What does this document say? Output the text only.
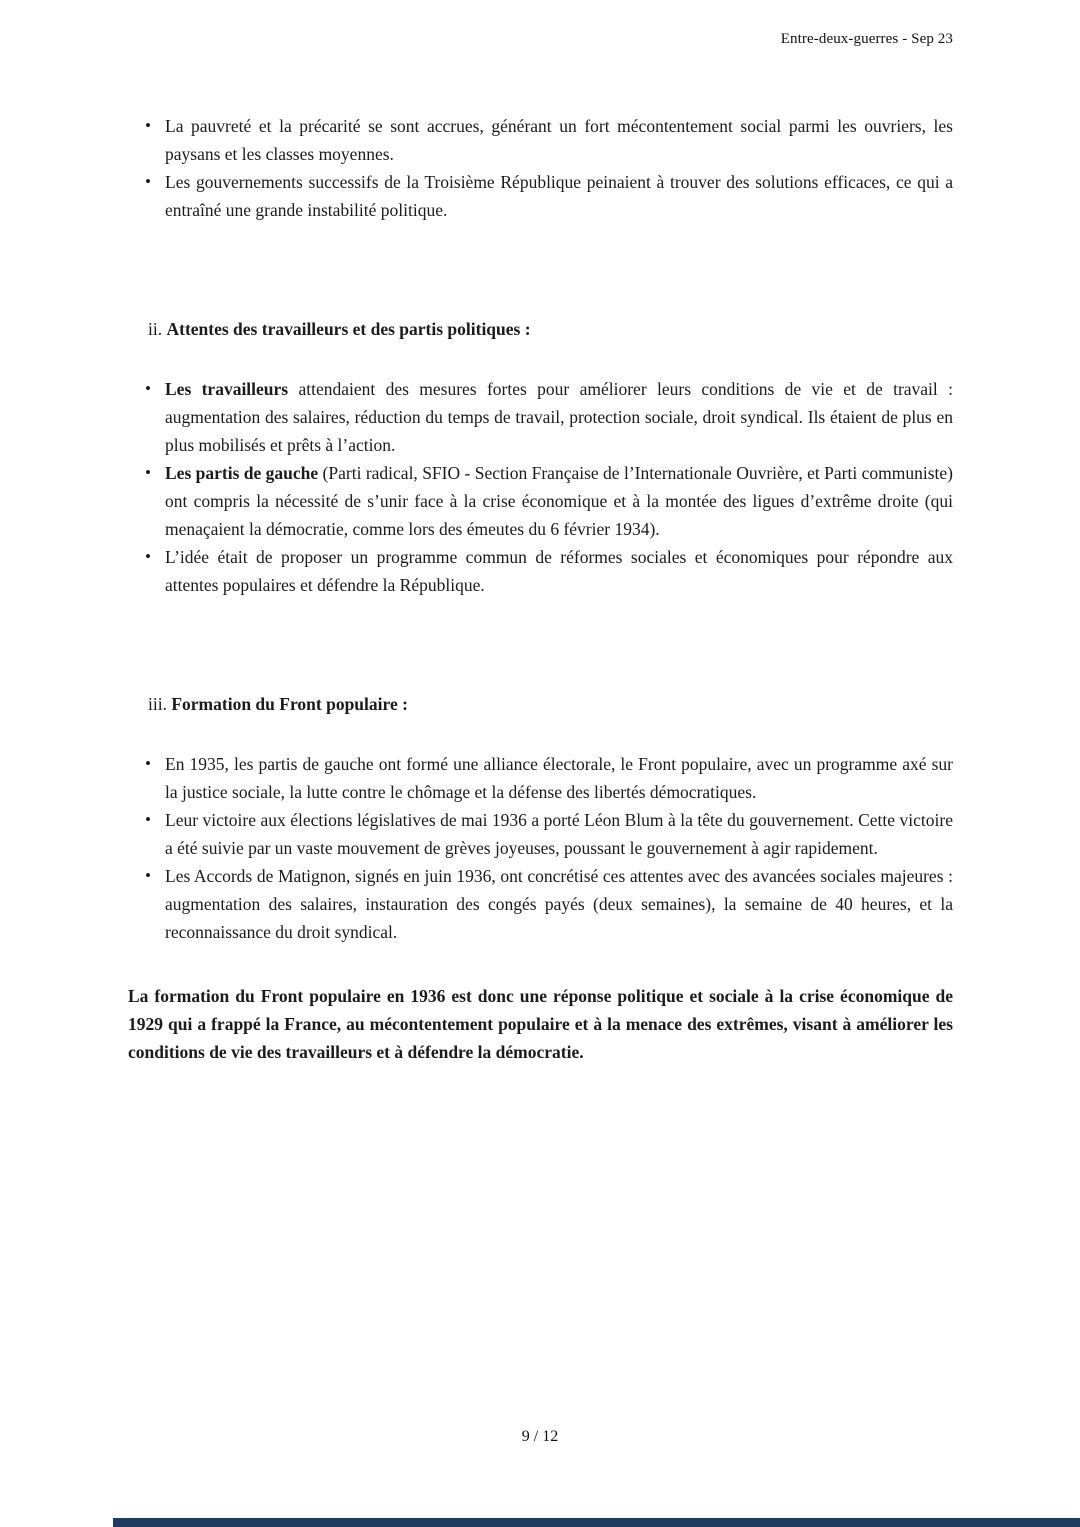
Entre-deux-guerres - Sep 23
• La pauvreté et la précarité se sont accrues, générant un fort mécontentement social parmi les ouvriers, les paysans et les classes moyennes.
• Les gouvernements successifs de la Troisième République peinaient à trouver des solutions efficaces, ce qui a entraîné une grande instabilité politique.
ii. Attentes des travailleurs et des partis politiques :
• Les travailleurs attendaient des mesures fortes pour améliorer leurs conditions de vie et de travail : augmentation des salaires, réduction du temps de travail, protection sociale, droit syndical. Ils étaient de plus en plus mobilisés et prêts à l’action.
• Les partis de gauche (Parti radical, SFIO - Section Française de l’Internationale Ouvrière, et Parti communiste) ont compris la nécessité de s’unir face à la crise économique et à la montée des ligues d’extrême droite (qui menaçaient la démocratie, comme lors des émeutes du 6 février 1934).
• L’idée était de proposer un programme commun de réformes sociales et économiques pour répondre aux attentes populaires et défendre la République.
iii. Formation du Front populaire :
• En 1935, les partis de gauche ont formé une alliance électorale, le Front populaire, avec un programme axé sur la justice sociale, la lutte contre le chômage et la défense des libertés démocratiques.
• Leur victoire aux élections législatives de mai 1936 a porté Léon Blum à la tête du gouvernement. Cette victoire a été suivie par un vaste mouvement de grèves joyeuses, poussant le gouvernement à agir rapidement.
• Les Accords de Matignon, signés en juin 1936, ont concrétisé ces attentes avec des avancées sociales majeures : augmentation des salaires, instauration des congés payés (deux semaines), la semaine de 40 heures, et la reconnaissance du droit syndical.

La formation du Front populaire en 1936 est donc une réponse politique et sociale à la crise économique de 1929 qui a frappé la France, au mécontentement populaire et à la menace des extrêmes, visant à améliorer les conditions de vie des travailleurs et à défendre la démocratie.

9 / 12
